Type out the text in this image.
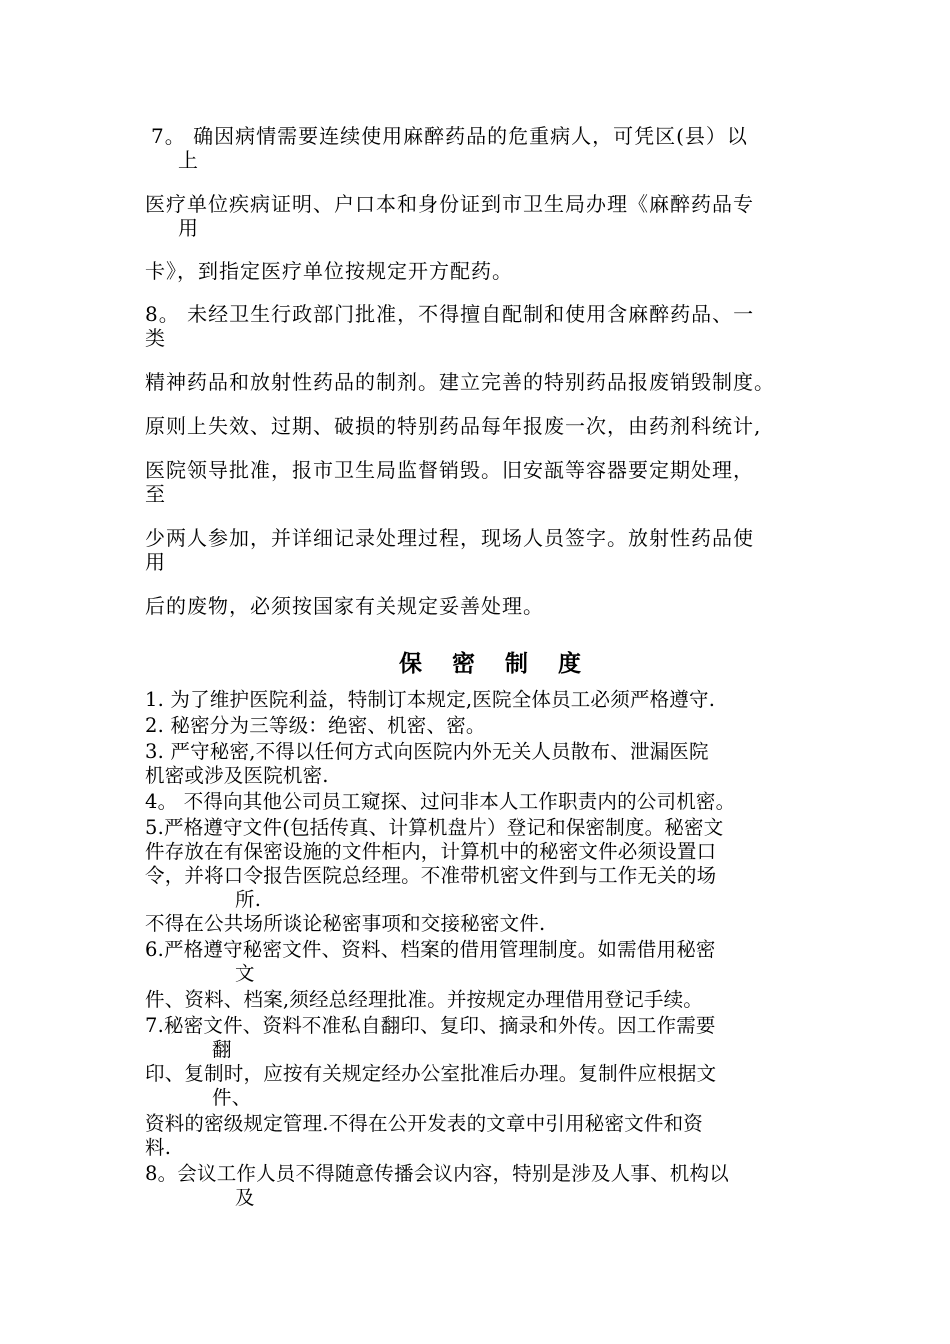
7。 确因病情需要连续使用麻醉药品的危重病人，可凭区(县）以
上
医疗单位疾病证明、户口本和身份证到市卫生局办理《麻醉药品专
用
卡》，到指定医疗单位按规定开方配药。
8。 未经卫生行政部门批准，不得擅自配制和使用含麻醉药品、一
类
精神药品和放射性药品的制剂。建立完善的特别药品报废销毁制度。
原则上失效、过期、破损的特别药品每年报废一次，由药剂科统计,
医院领导批准，报市卫生局监督销毁。旧安瓿等容器要定期处理，
至
少两人参加，并详细记录处理过程，现场人员签字。放射性药品使
用
后的废物，必须按国家有关规定妥善处理。
保 密 制 度
1. 为了维护医院利益，特制订本规定,医院全体员工必须严格遵守.
2. 秘密分为三等级：绝密、机密、密。
3. 严守秘密,不得以任何方式向医院内外无关人员散布、泄漏医院
机密或涉及医院机密.
4。 不得向其他公司员工窥探、过问非本人工作职责内的公司机密。
5.严格遵守文件(包括传真、计算机盘片）登记和保密制度。秘密文
件存放在有保密设施的文件柜内，计算机中的秘密文件必须设置口
令，并将口令报告医院总经理。不准带机密文件到与工作无关的场
所.
不得在公共场所谈论秘密事项和交接秘密文件.
6.严格遵守秘密文件、资料、档案的借用管理制度。如需借用秘密
文
件、资料、档案,须经总经理批准。并按规定办理借用登记手续。
7.秘密文件、资料不准私自翻印、复印、摘录和外传。因工作需要
翻
印、复制时，应按有关规定经办公室批准后办理。复制件应根据文
件、
资料的密级规定管理.不得在公开发表的文章中引用秘密文件和资
料.
8。会议工作人员不得随意传播会议内容，特别是涉及人事、机构以
及
